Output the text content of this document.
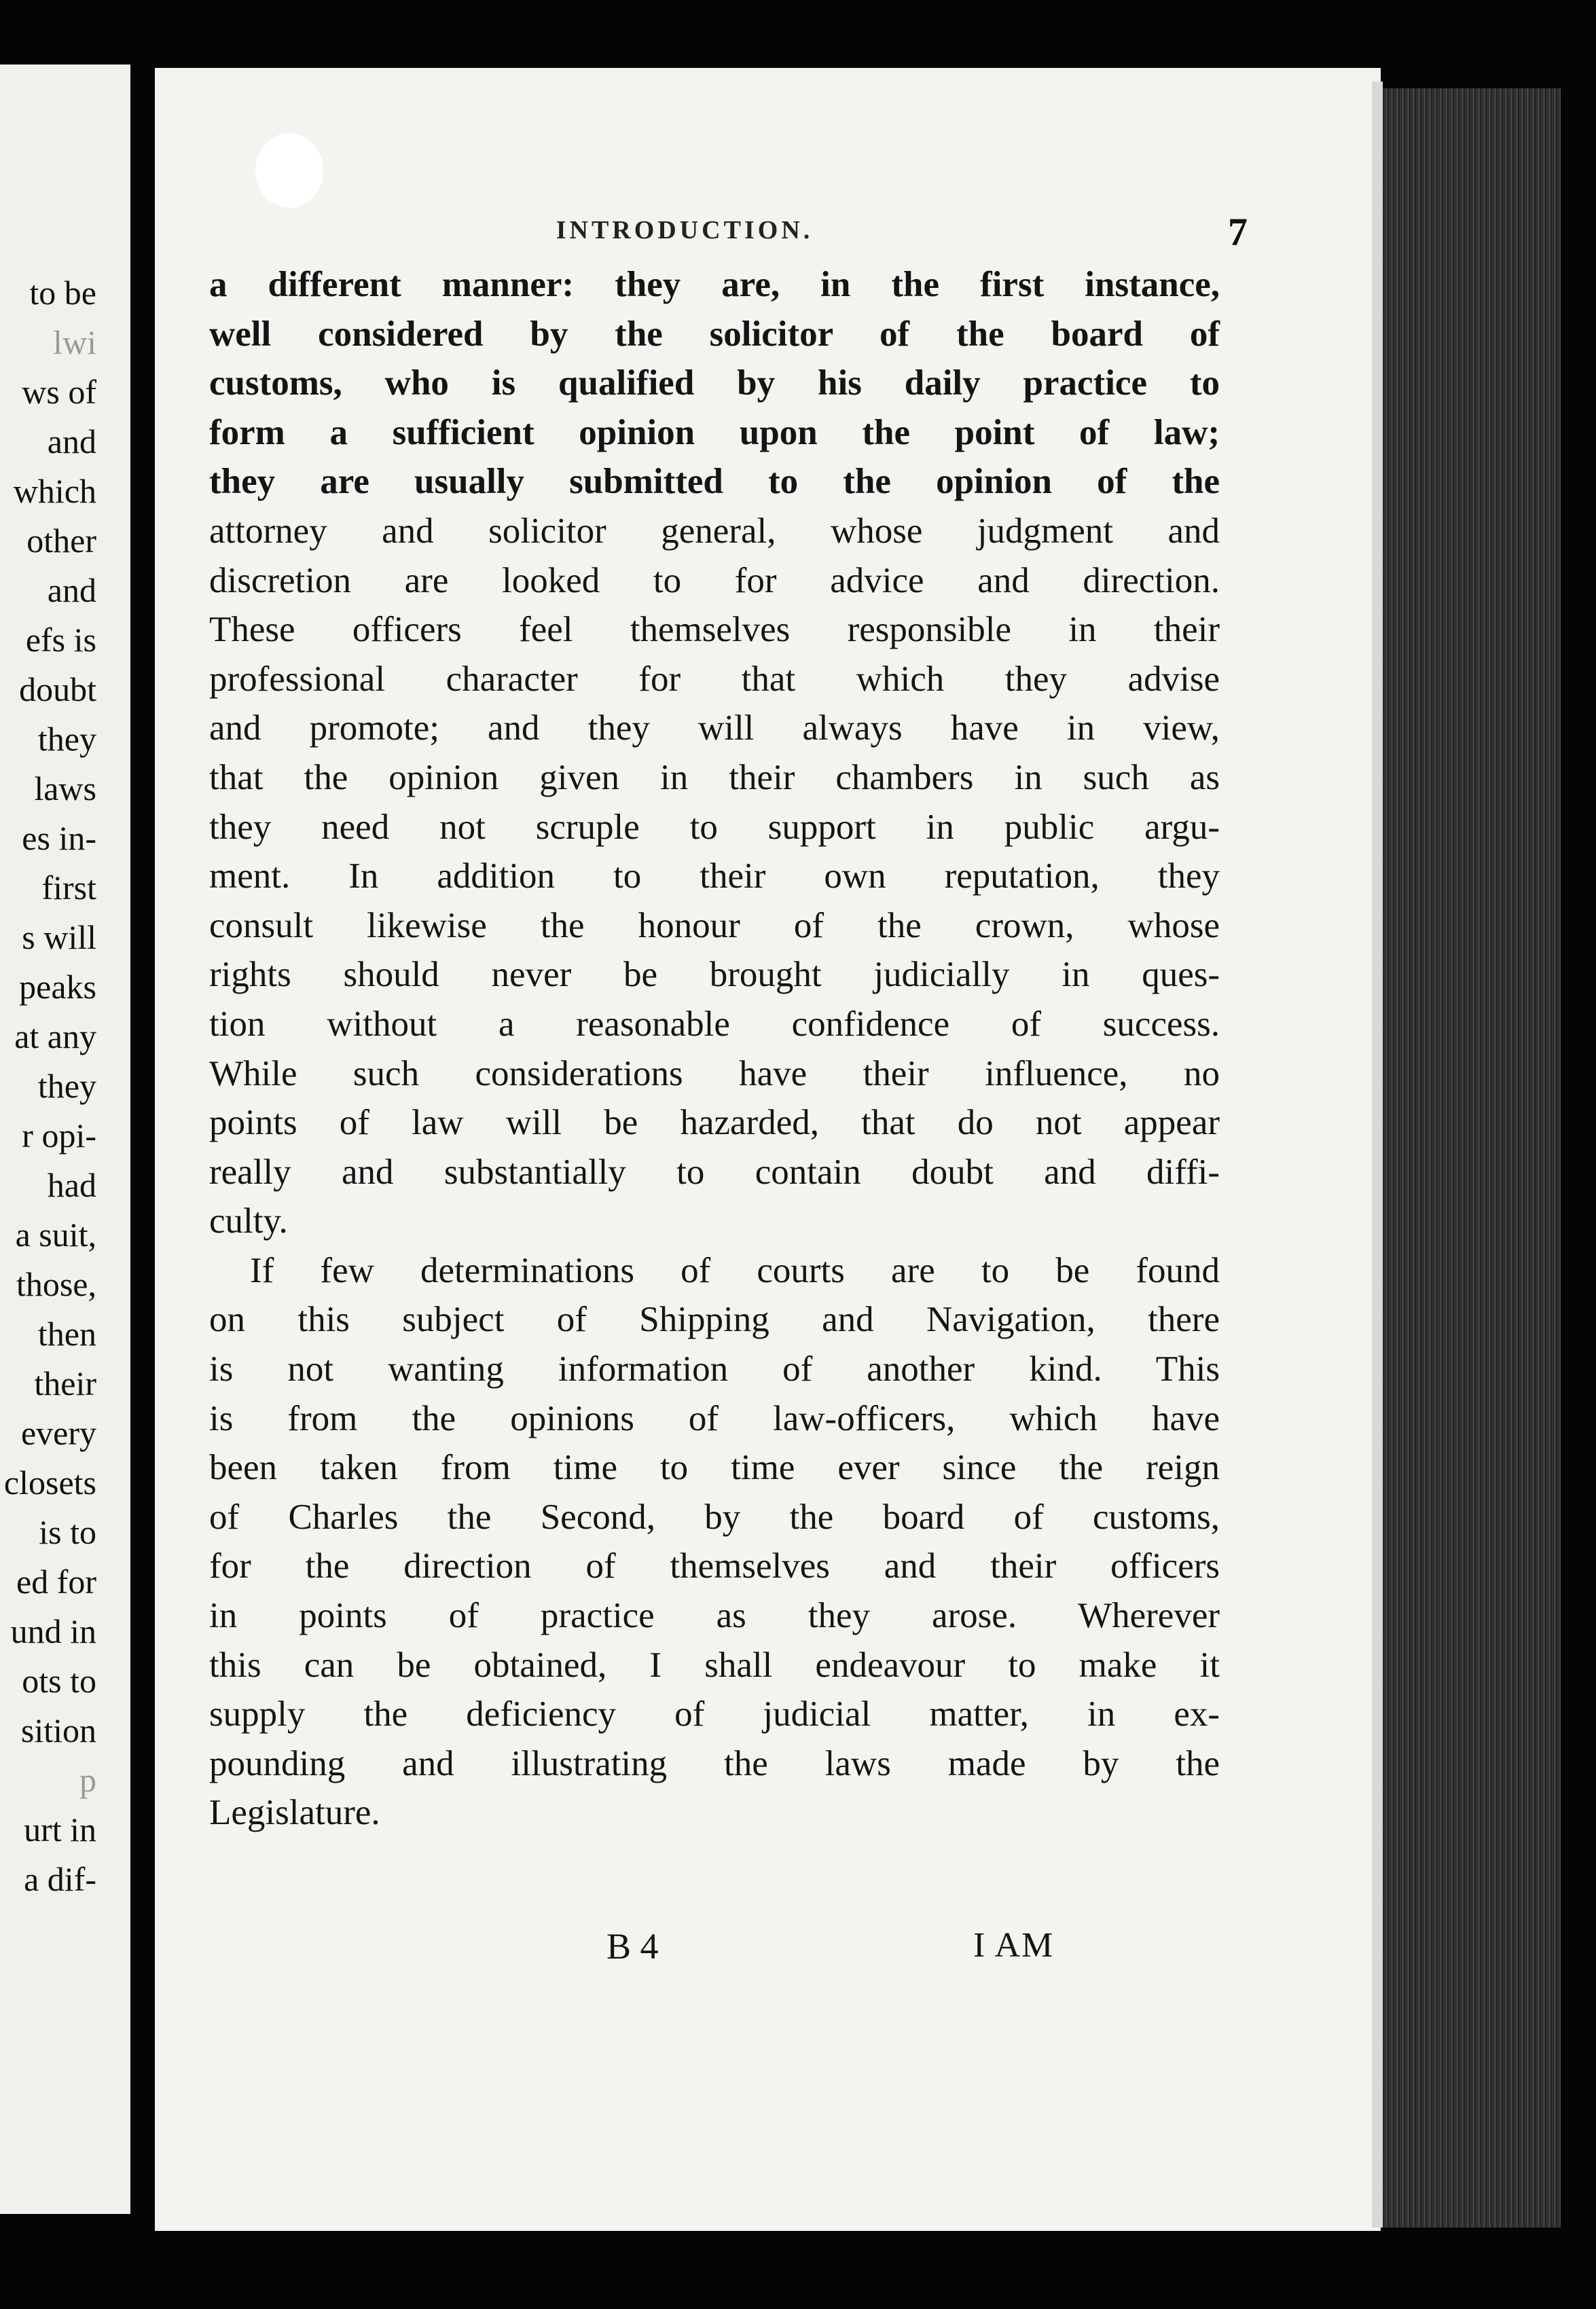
to be
lwi
ws of
and
which
other
and
efs is
doubt
they
laws
es in-
first
s will
peaks
at any
they
r opi-
had
a suit,
those,
then
their
every
closets
is to
ed for
und in
ots to
sition
p
urt in
a dif-
INTRODUCTION.	7
a different manner: they are, in the first instance,
well considered by the solicitor of the board of
customs, who is qualified by his daily practice to
form a sufficient opinion upon the point of law;
they are usually submitted to the opinion of the
attorney and solicitor general, whose judgment and
discretion are looked to for advice and direction.
These officers feel themselves responsible in their
professional character for that which they advise
and promote; and they will always have in view,
that the opinion given in their chambers in such as
they need not scruple to support in public argu-
ment. In addition to their own reputation, they
consult likewise the honour of the crown, whose
rights should never be brought judicially in ques-
tion without a reasonable confidence of success.
While such considerations have their influence, no
points of law will be hazarded, that do not appear
really and substantially to contain doubt and diffi-
culty.
If few determinations of courts are to be found
on this subject of Shipping and Navigation, there
is not wanting information of another kind. This
is from the opinions of law-officers, which have
been taken from time to time ever since the reign
of Charles the Second, by the board of customs,
for the direction of themselves and their officers
in points of practice as they arose. Wherever
this can be obtained, I shall endeavour to make it
supply the deficiency of judicial matter, in ex-
pounding and illustrating the laws made by the
Legislature.
B 4	I AM
